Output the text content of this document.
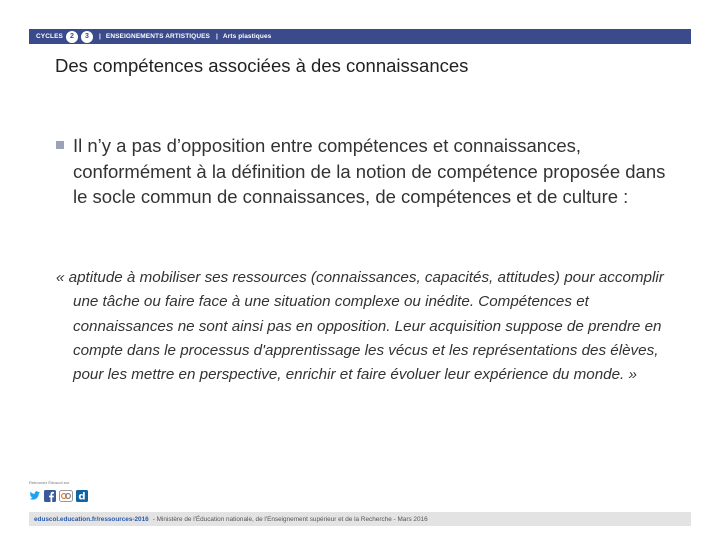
CYCLES	2	3	| ENSEIGNEMENTS ARTISTIQUES | Arts plastiques
Des compétences associées à des connaissances
Il n’y a pas d’opposition entre compétences et connaissances, conformément à la définition de la notion de compétence proposée dans le socle commun de connaissances, de compétences et de culture :
« aptitude à mobiliser ses ressources (connaissances, capacités, attitudes) pour accomplir une tâche ou faire face à une situation complexe ou inédite. Compétences et connaissances ne sont ainsi pas en opposition. Leur acquisition suppose de prendre en compte dans le processus d'apprentissage les vécus et les représentations des élèves, pour les mettre en perspective, enrichir et faire évoluer leur expérience du monde. »
Retrouvez Éduscol sur
d
eduscol.education.fr/ressources-2016 - Ministère de l'Éducation nationale, de l'Enseignement supérieur et de la Recherche - Mars 2016
